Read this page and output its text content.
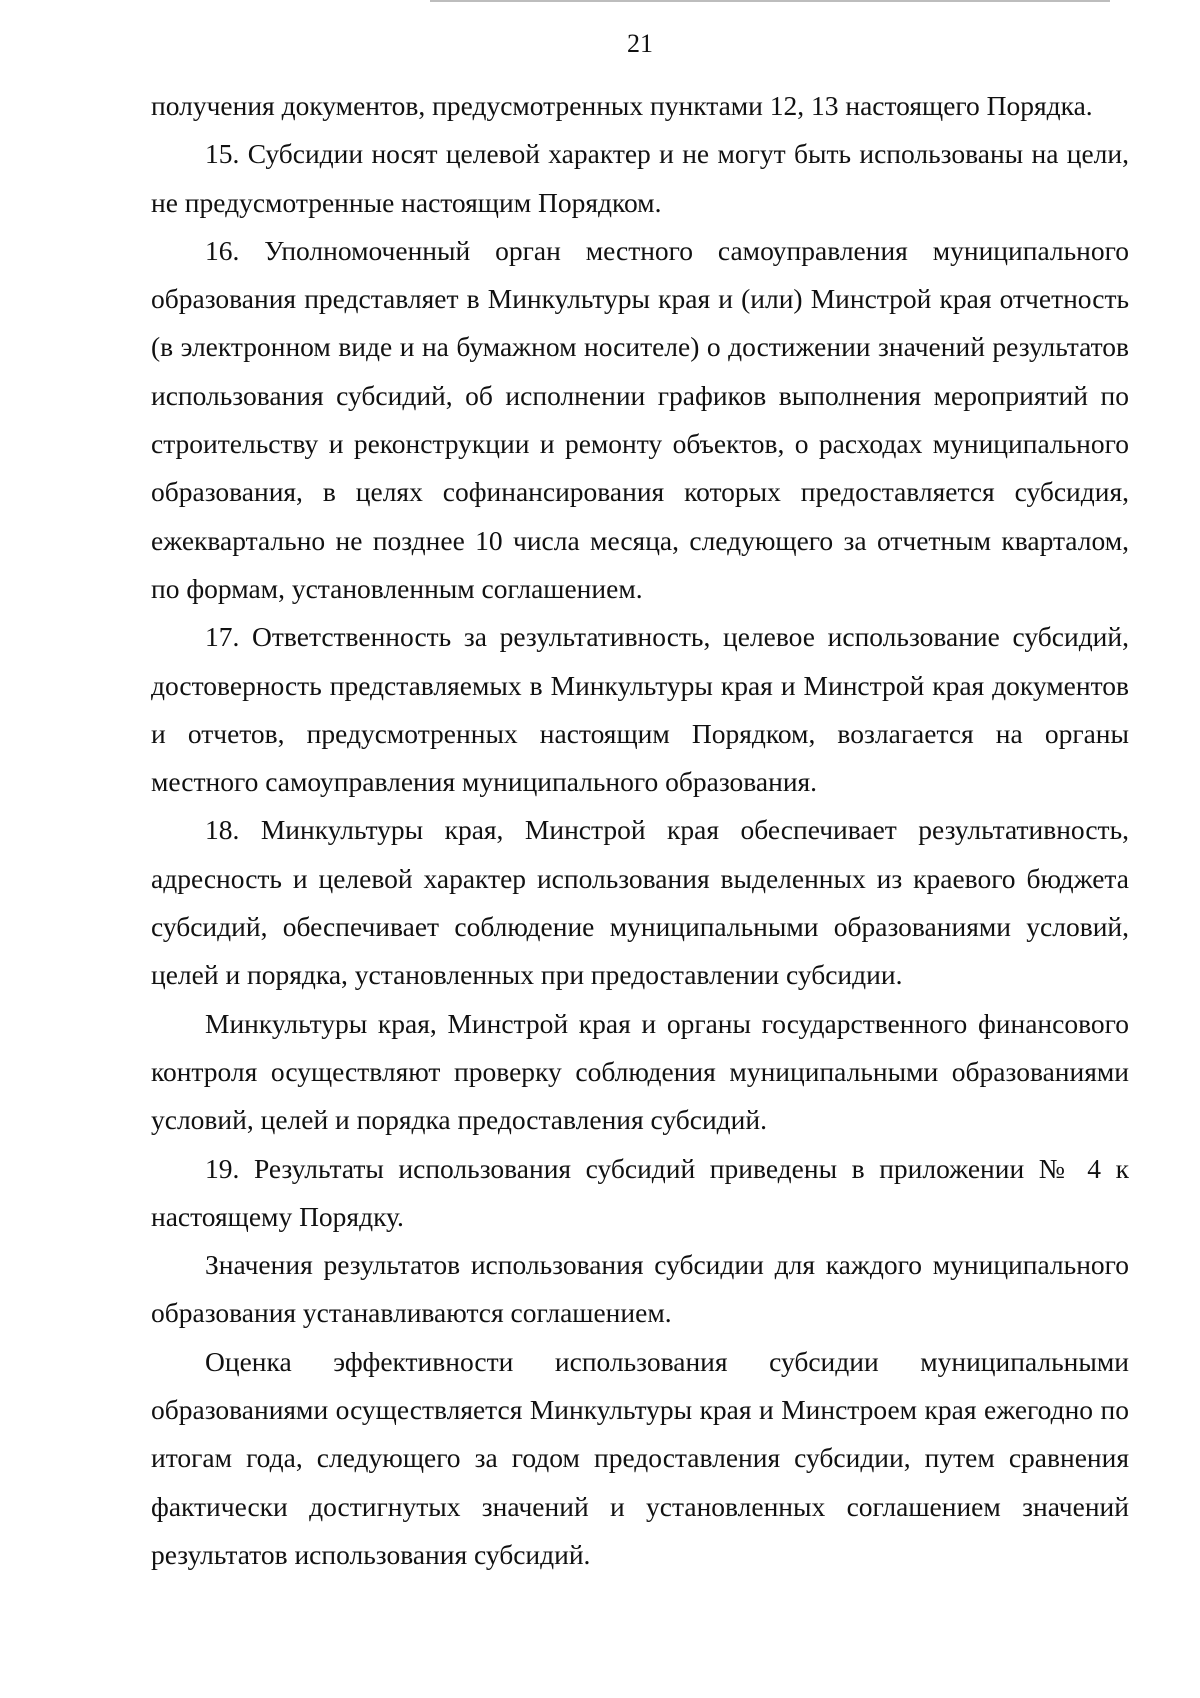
21

получения документов, предусмотренных пунктами 12, 13 настоящего Порядка.

15. Субсидии носят целевой характер и не могут быть использованы на цели, не предусмотренные настоящим Порядком.

16. Уполномоченный орган местного самоуправления муниципального образования представляет в Минкультуры края и (или) Минстрой края отчетность (в электронном виде и на бумажном носителе) о достижении значений результатов использования субсидий, об исполнении графиков выполнения мероприятий по строительству и реконструкции и ремонту объектов, о расходах муниципального образования, в целях софинансирования которых предоставляется субсидия, ежеквартально не позднее 10 числа месяца, следующего за отчетным кварталом, по формам, установленным соглашением.

17. Ответственность за результативность, целевое использование субсидий, достоверность представляемых в Минкультуры края и Минстрой края документов и отчетов, предусмотренных настоящим Порядком, возлагается на органы местного самоуправления муниципального образования.

18. Минкультуры края, Минстрой края обеспечивает результативность, адресность и целевой характер использования выделенных из краевого бюджета субсидий, обеспечивает соблюдение муниципальными образованиями условий, целей и порядка, установленных при предоставлении субсидии.

Минкультуры края, Минстрой края и органы государственного финансового контроля осуществляют проверку соблюдения муниципальными образованиями условий, целей и порядка предоставления субсидий.

19. Результаты использования субсидий приведены в приложении № 4 к настоящему Порядку.

Значения результатов использования субсидии для каждого муниципального образования устанавливаются соглашением.

Оценка эффективности использования субсидии муниципальными образованиями осуществляется Минкультуры края и Минстроем края ежегодно по итогам года, следующего за годом предоставления субсидии, путем сравнения фактически достигнутых значений и установленных соглашением значений результатов использования субсидий.
